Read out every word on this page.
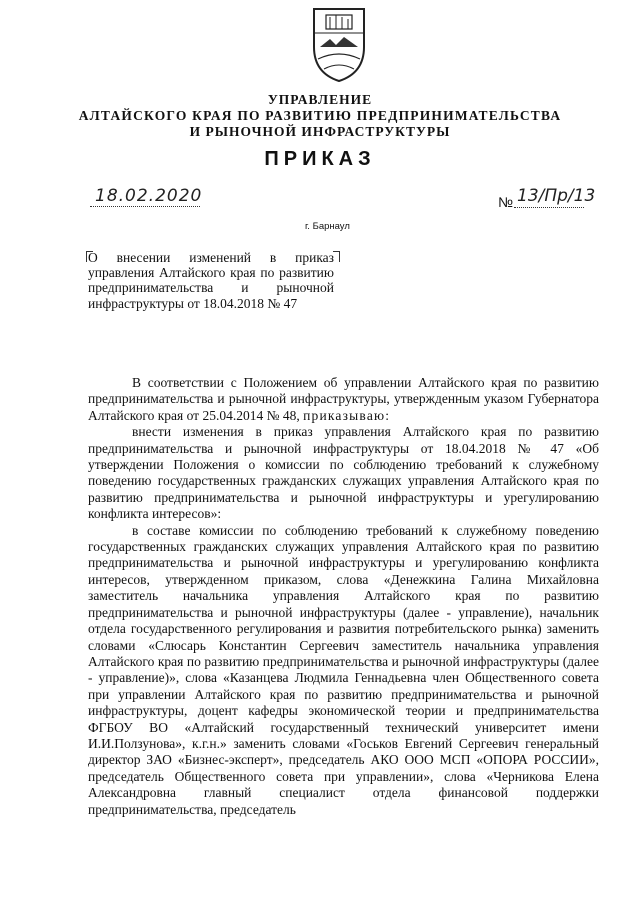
УПРАВЛЕНИЕ
АЛТАЙСКОГО КРАЯ ПО РАЗВИТИЮ ПРЕДПРИНИМАТЕЛЬСТВА
И РЫНОЧНОЙ ИНФРАСТРУКТУРЫ
ПРИКАЗ
18.02.2020	№ 13/Пр/13
г. Барнаул
О внесении изменений в приказ управления Алтайского края по развитию предпринимательства и рыночной инфраструктуры от 18.04.2018 № 47

В соответствии с Положением об управлении Алтайского края по развитию предпринимательства и рыночной инфраструктуры, утвержденным указом Губернатора Алтайского края от 25.04.2014 № 48, приказываю:

внести изменения в приказ управления Алтайского края по развитию предпринимательства и рыночной инфраструктуры от 18.04.2018 № 47 «Об утверждении Положения о комиссии по соблюдению требований к служебному поведению государственных гражданских служащих управления Алтайского края по развитию предпринимательства и рыночной инфраструктуры и урегулированию конфликта интересов»:

в составе комиссии по соблюдению требований к служебному поведению государственных гражданских служащих управления Алтайского края по развитию предпринимательства и рыночной инфраструктуры и урегулированию конфликта интересов, утвержденном приказом, слова «Денежкина Галина Михайловна заместитель начальника управления Алтайского края по развитию предпринимательства и рыночной инфраструктуры (далее - управление), начальник отдела государственного регулирования и развития потребительского рынка) заменить словами «Слюсарь Константин Сергеевич заместитель начальника управления Алтайского края по развитию предпринимательства и рыночной инфраструктуры (далее - управление)», слова «Казанцева Людмила Геннадьевна член Общественного совета при управлении Алтайского края по развитию предпринимательства и рыночной инфраструктуры, доцент кафедры экономической теории и предпринимательства ФГБОУ ВО «Алтайский государственный технический университет имени И.И.Ползунова», к.г.н.» заменить словами «Госьков Евгений Сергеевич генеральный директор ЗАО «Бизнес-эксперт», председатель АКО ООО МСП «ОПОРА РОССИИ», председатель Общественного совета при управлении», слова «Черникова Елена Александровна главный специалист отдела финансовой поддержки предпринимательства, председатель
